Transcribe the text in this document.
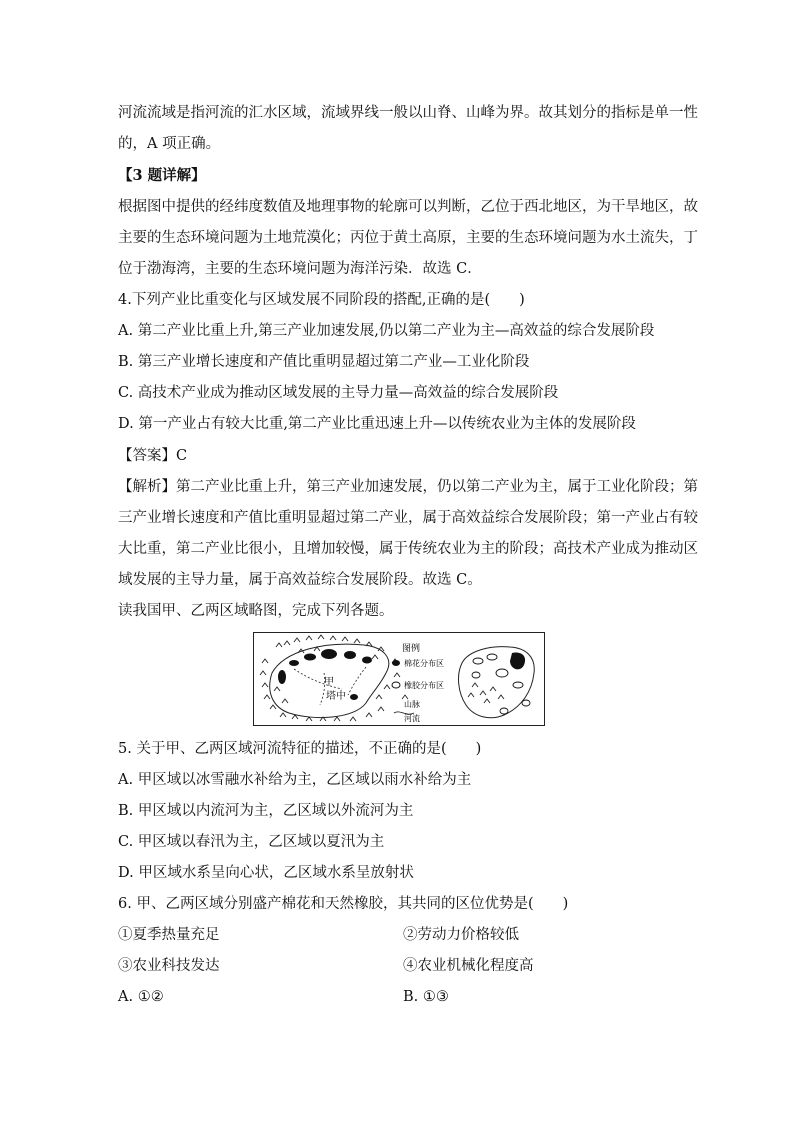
河流流域是指河流的汇水区域，流域界线一般以山脊、山峰为界。故其划分的指标是单一性
的，A 项正确。
【3 题详解】
根据图中提供的经纬度数值及地理事物的轮廓可以判断，乙位于西北地区，为干旱地区，故
主要的生态环境问题为土地荒漠化；丙位于黄土高原，主要的生态环境问题为水土流失，丁
位于渤海湾，主要的生态环境问题为海洋污染．故选 C．
4.下列产业比重变化与区域发展不同阶段的搭配,正确的是(　　)
A. 第二产业比重上升,第三产业加速发展,仍以第二产业为主—高效益的综合发展阶段
B. 第三产业增长速度和产值比重明显超过第二产业—工业化阶段
C. 高技术产业成为推动区域发展的主导力量—高效益的综合发展阶段
D. 第一产业占有较大比重,第二产业比重迅速上升—以传统农业为主体的发展阶段
【答案】C
【解析】第二产业比重上升，第三产业加速发展，仍以第二产业为主，属于工业化阶段；第
三产业增长速度和产值比重明显超过第二产业，属于高效益综合发展阶段；第一产业占有较
大比重，第二产业比很小，且增加较慢，属于传统农业为主的阶段；高技术产业成为推动区
域发展的主导力量，属于高效益综合发展阶段。故选 C。
读我国甲、乙两区域略图，完成下列各题。
甲
塔中
图例
棉花分布区
橡胶分布区
山脉
河流
5. 关于甲、乙两区域河流特征的描述，不正确的是(　　)
A. 甲区域以冰雪融水补给为主，乙区域以雨水补给为主
B. 甲区域以内流河为主，乙区域以外流河为主
C. 甲区域以春汛为主，乙区域以夏汛为主
D. 甲区域水系呈向心状，乙区域水系呈放射状
6. 甲、乙两区域分别盛产棉花和天然橡胶，其共同的区位优势是(　　)
①夏季热量充足	②劳动力价格较低
③农业科技发达	④农业机械化程度高
A. ①②	B. ①③
